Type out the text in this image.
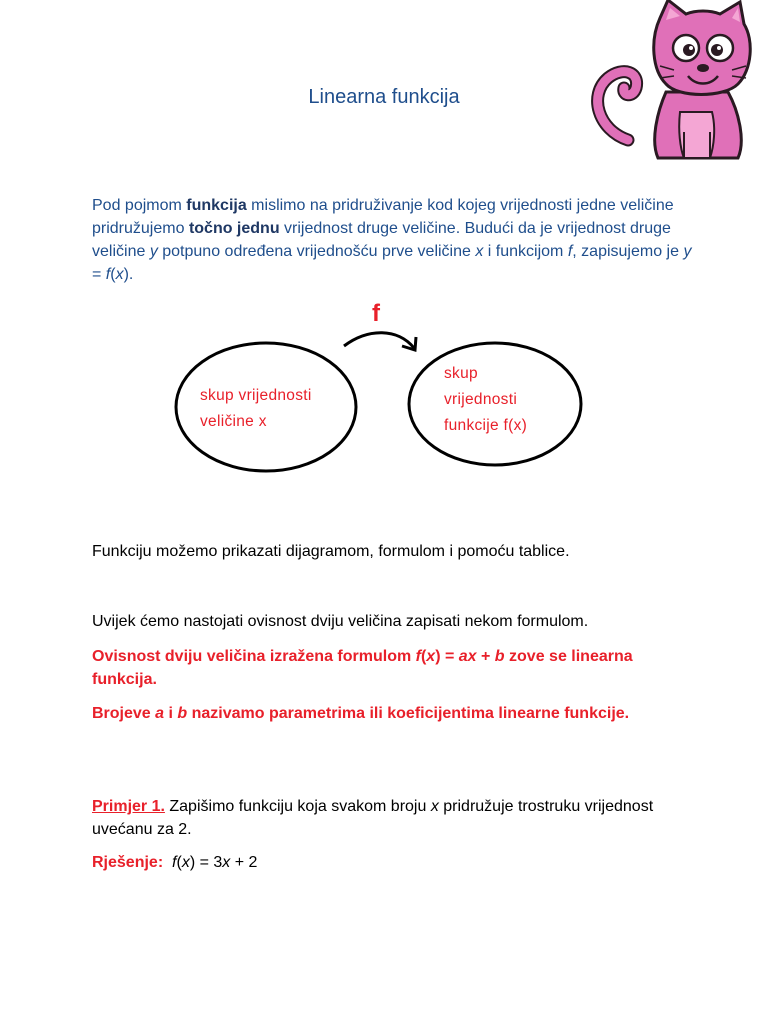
Linearna funkcija
Pod pojmom funkcija mislimo na pridruživanje kod kojeg vrijednosti jedne veličine pridružujemo točno jednu vrijednost druge veličine. Budući da je vrijednost druge veličine y potpuno određena vrijednošću prve veličine x i funkcijom f, zapisujemo je y = f(x).
f
skup vrijednosti
veličine x
skup
vrijednosti
funkcije f(x)
Funkciju možemo prikazati dijagramom, formulom i pomoću tablice.
Uvijek ćemo nastojati ovisnost dviju veličina zapisati nekom formulom.
Ovisnost dviju veličina izražena formulom f(x) = ax + b zove se linearna funkcija.
Brojeve a i b nazivamo parametrima ili koeficijentima linearne funkcije.
Primjer 1. Zapišimo funkciju koja svakom broju x pridružuje trostruku vrijednost uvećanu za 2.
Rješenje: f(x) = 3x + 2
